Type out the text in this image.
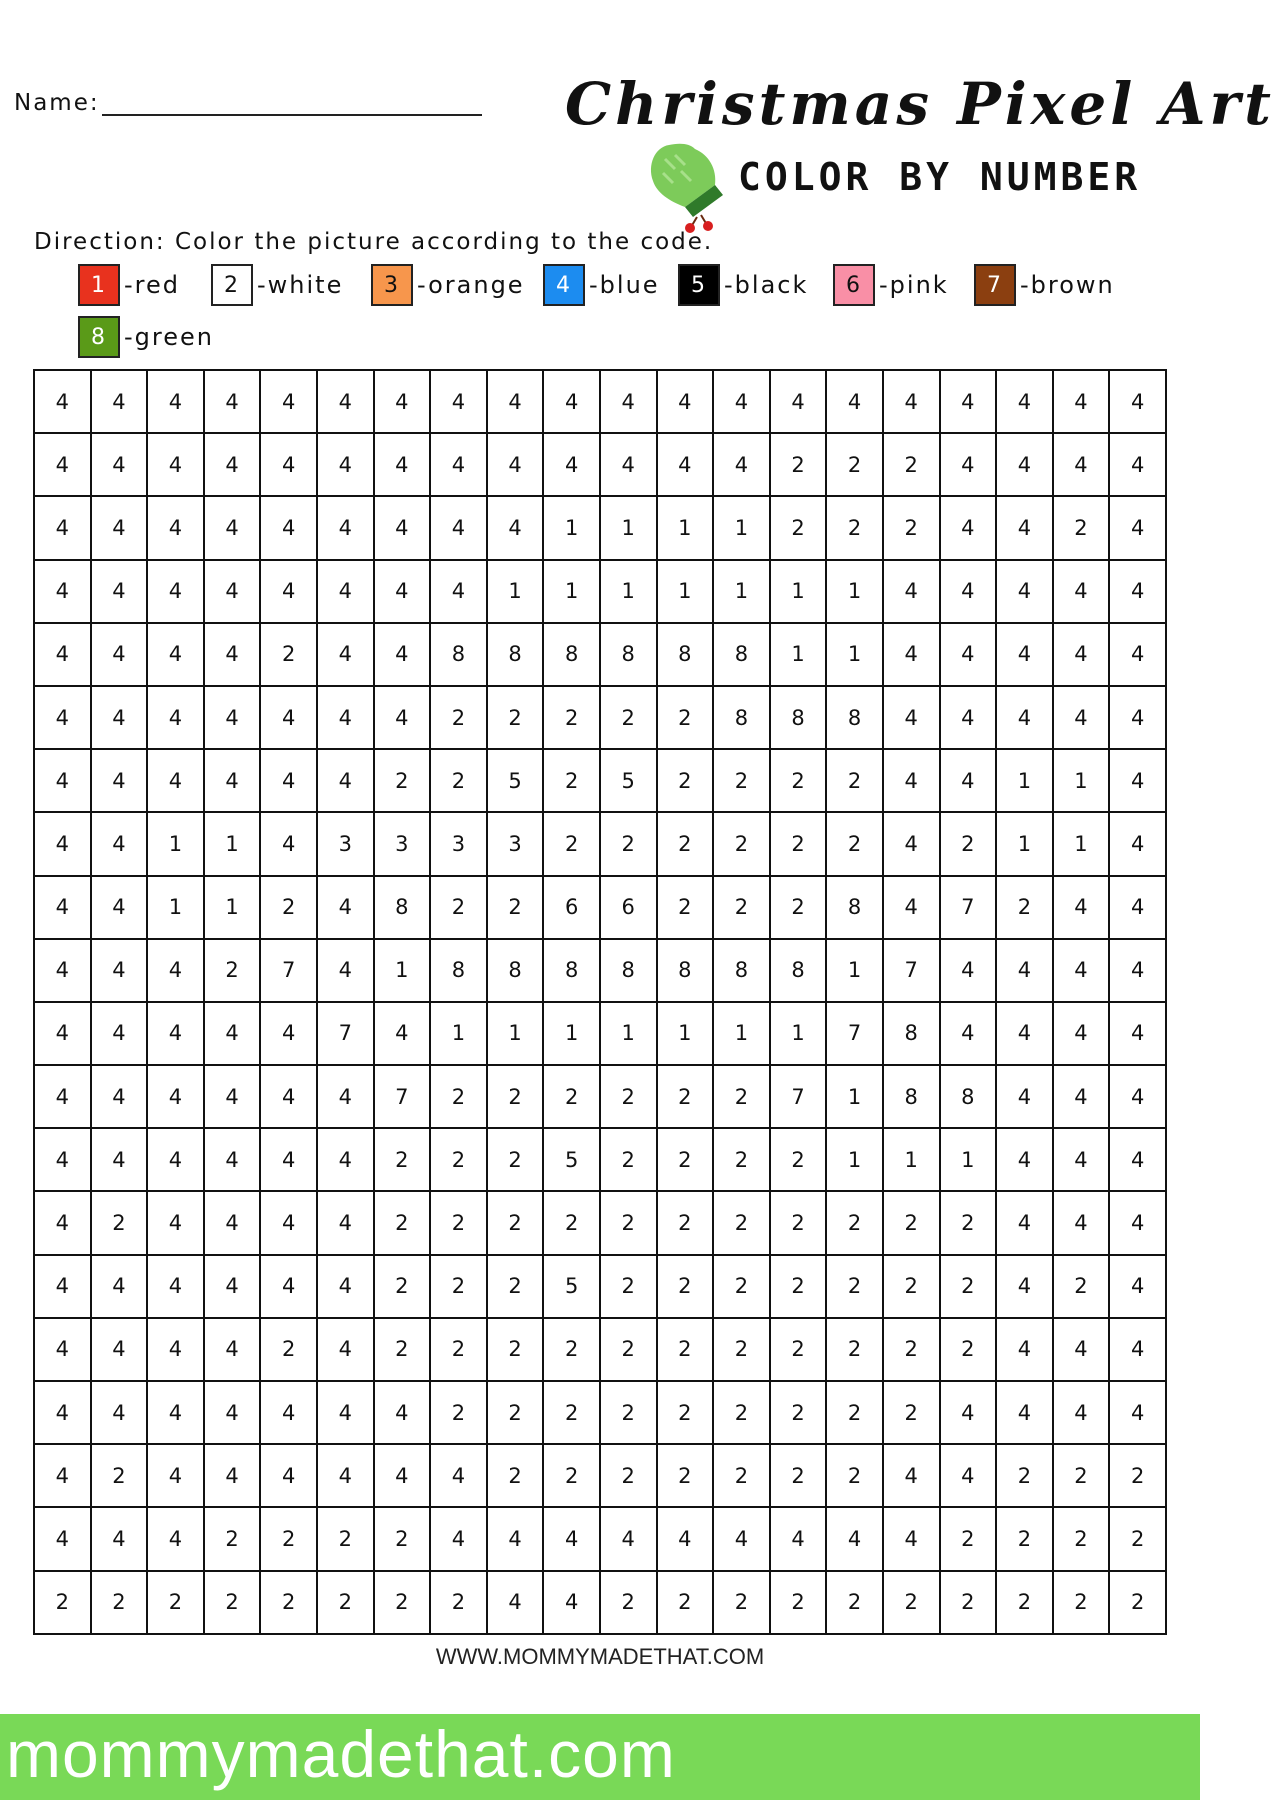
Name:	Christmas Pixel Art
COLOR BY NUMBER
Direction: Color the picture according to the code.
1 -red	2 -white	3 -orange	4 -blue	5 -black	6 -pink	7 -brown
8 -green
4	4	4	4	4	4	4	4	4	4	4	4	4	4	4	4	4	4	4	4
4	4	4	4	4	4	4	4	4	4	4	4	4	2	2	2	4	4	4	4
4	4	4	4	4	4	4	4	4	1	1	1	1	2	2	2	4	4	2	4
4	4	4	4	4	4	4	4	1	1	1	1	1	1	1	4	4	4	4	4
4	4	4	4	2	4	4	8	8	8	8	8	8	1	1	4	4	4	4	4
4	4	4	4	4	4	4	2	2	2	2	2	8	8	8	4	4	4	4	4
4	4	4	4	4	4	2	2	5	2	5	2	2	2	2	4	4	1	1	4
4	4	1	1	4	3	3	3	3	2	2	2	2	2	2	4	2	1	1	4
4	4	1	1	2	4	8	2	2	6	6	2	2	2	8	4	7	2	4	4
4	4	4	2	7	4	1	8	8	8	8	8	8	8	1	7	4	4	4	4
4	4	4	4	4	7	4	1	1	1	1	1	1	1	7	8	4	4	4	4
4	4	4	4	4	4	7	2	2	2	2	2	2	7	1	8	8	4	4	4
4	4	4	4	4	4	2	2	2	5	2	2	2	2	1	1	1	4	4	4
4	2	4	4	4	4	2	2	2	2	2	2	2	2	2	2	2	4	4	4
4	4	4	4	4	4	2	2	2	5	2	2	2	2	2	2	2	4	2	4
4	4	4	4	2	4	2	2	2	2	2	2	2	2	2	2	2	4	4	4
4	4	4	4	4	4	4	2	2	2	2	2	2	2	2	2	4	4	4	4
4	2	4	4	4	4	4	4	2	2	2	2	2	2	2	4	4	2	2	2
4	4	4	2	2	2	2	4	4	4	4	4	4	4	4	4	2	2	2	2
2	2	2	2	2	2	2	2	4	4	2	2	2	2	2	2	2	2	2	2
WWW.MOMMYMADETHAT.COM
mommymadethat.com
